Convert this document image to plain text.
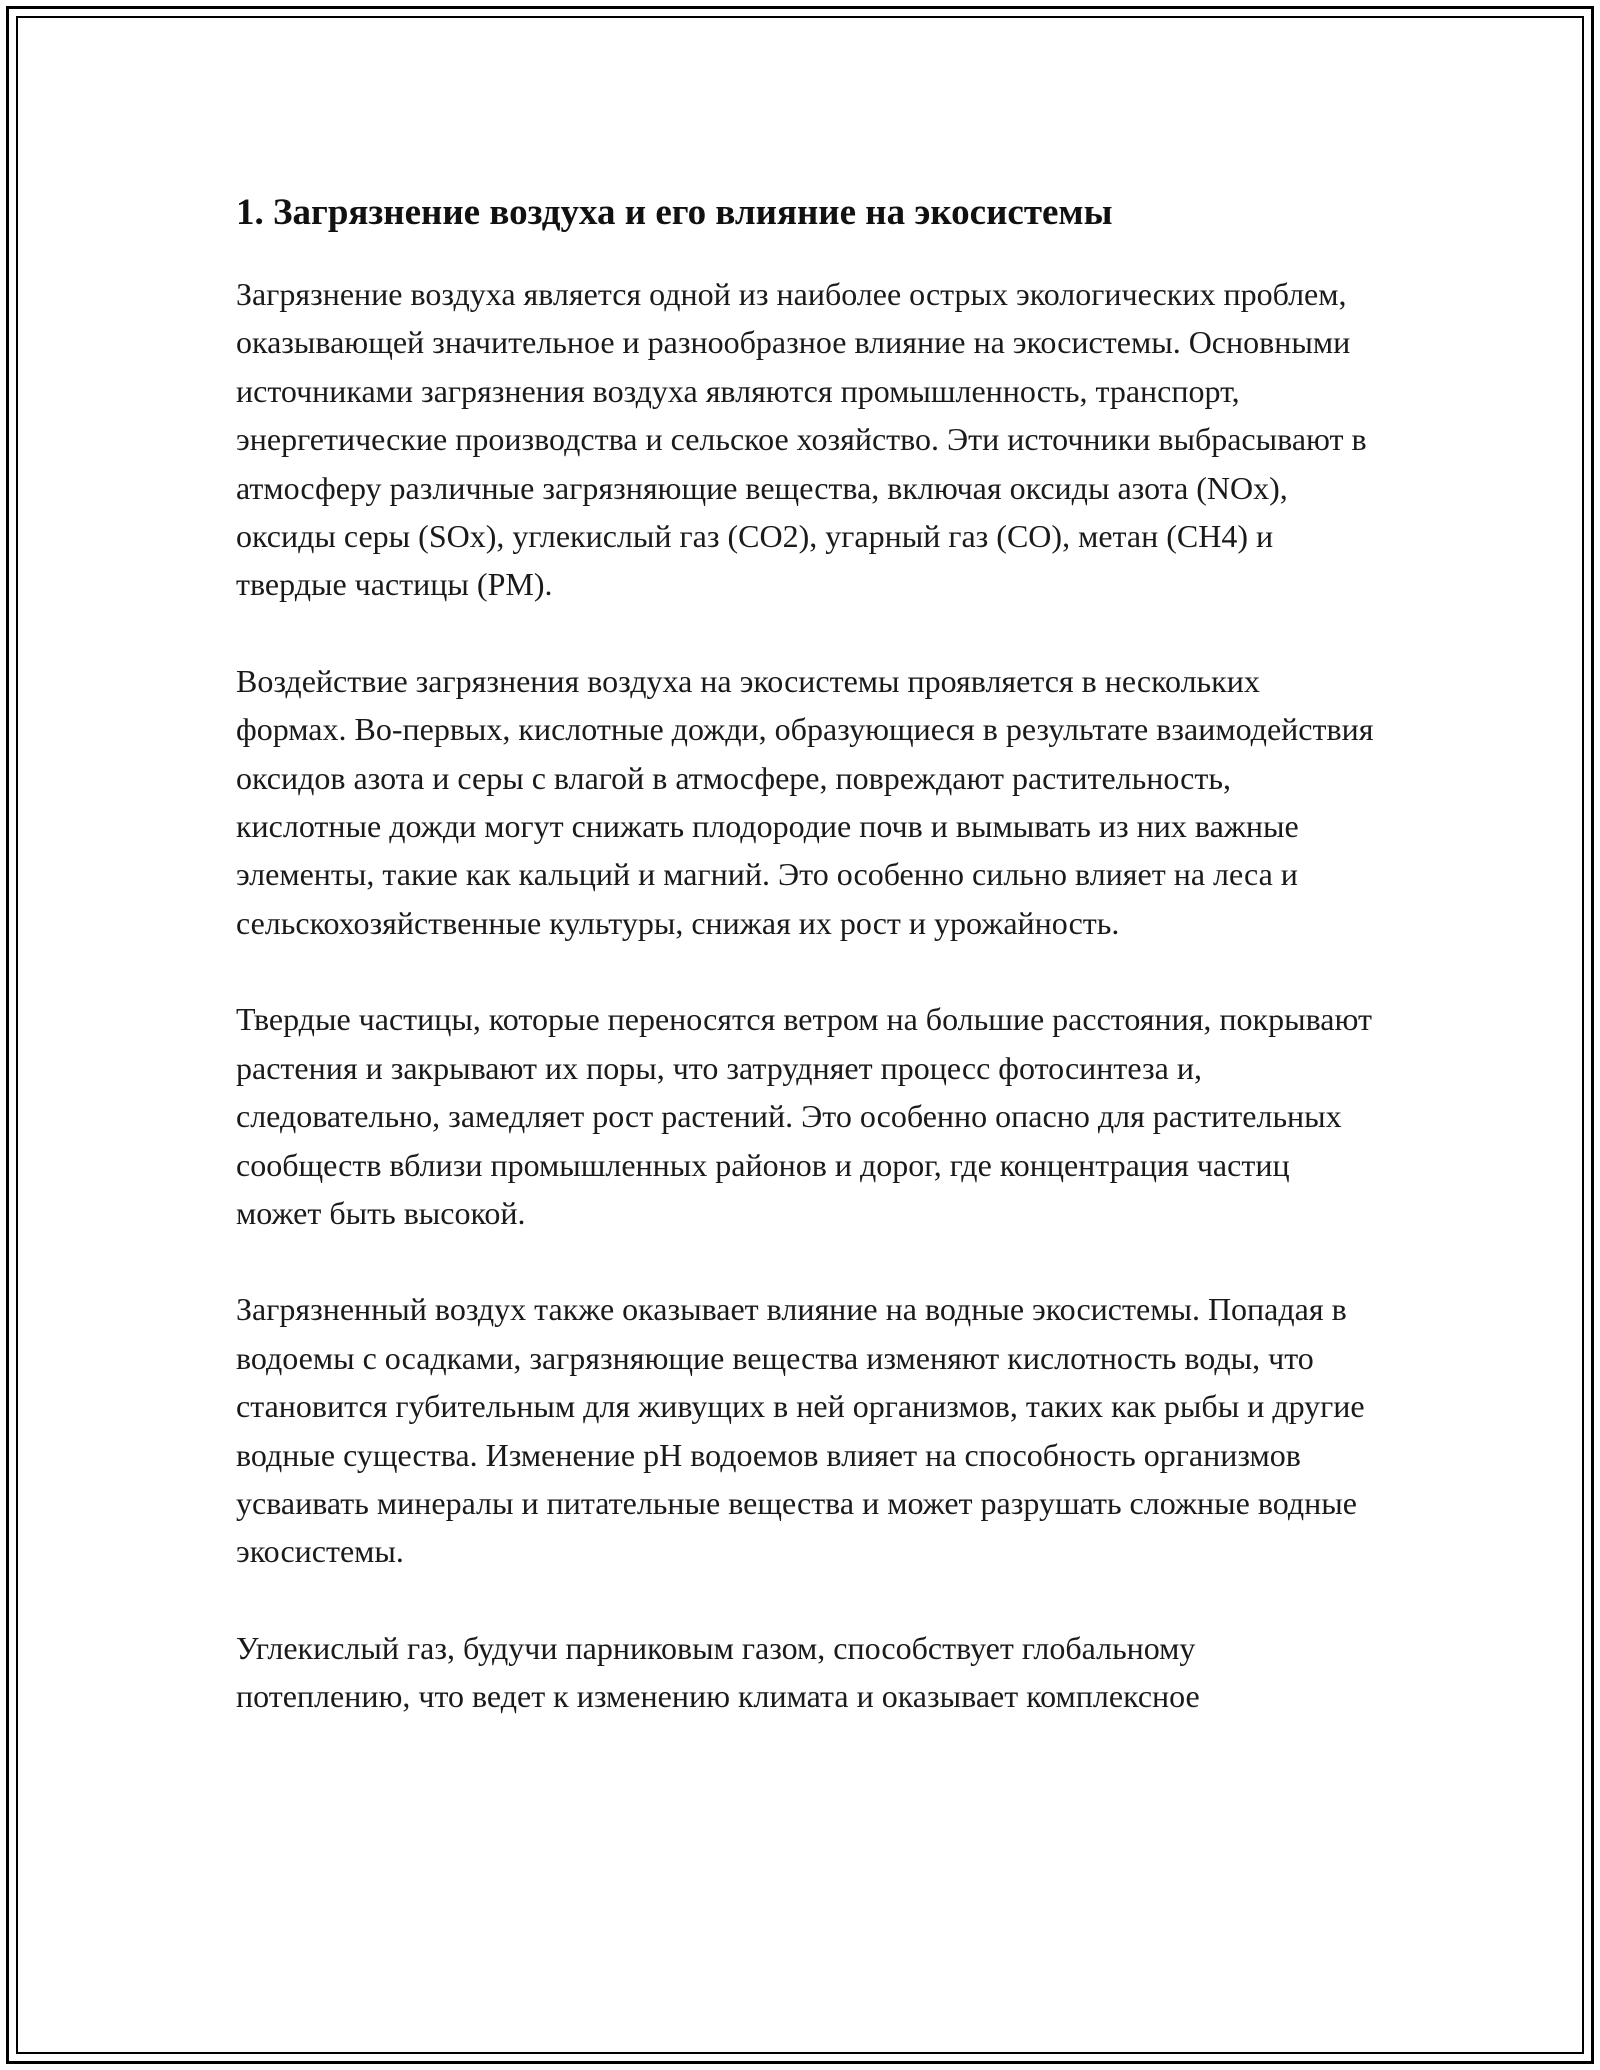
1. Загрязнение воздуха и его влияние на экосистемы

Загрязнение воздуха является одной из наиболее острых экологических проблем, оказывающей значительное и разнообразное влияние на экосистемы. Основными источниками загрязнения воздуха являются промышленность, транспорт, энергетические производства и сельское хозяйство. Эти источники выбрасывают в атмосферу различные загрязняющие вещества, включая оксиды азота (NOx), оксиды серы (SOx), углекислый газ (CO2), угарный газ (CO), метан (CH4) и твердые частицы (PM).

Воздействие загрязнения воздуха на экосистемы проявляется в нескольких формах. Во-первых, кислотные дожди, образующиеся в результате взаимодействия оксидов азота и серы с влагой в атмосфере, повреждают растительность, кислотные дожди могут снижать плодородие почв и вымывать из них важные элементы, такие как кальций и магний. Это особенно сильно влияет на леса и сельскохозяйственные культуры, снижая их рост и урожайность.

Твердые частицы, которые переносятся ветром на большие расстояния, покрывают растения и закрывают их поры, что затрудняет процесс фотосинтеза и, следовательно, замедляет рост растений. Это особенно опасно для растительных сообществ вблизи промышленных районов и дорог, где концентрация частиц может быть высокой.

Загрязненный воздух также оказывает влияние на водные экосистемы. Попадая в водоемы с осадками, загрязняющие вещества изменяют кислотность воды, что становится губительным для живущих в ней организмов, таких как рыбы и другие водные существа. Изменение pH водоемов влияет на способность организмов усваивать минералы и питательные вещества и может разрушать сложные водные экосистемы.

Углекислый газ, будучи парниковым газом, способствует глобальному потеплению, что ведет к изменению климата и оказывает комплексное
